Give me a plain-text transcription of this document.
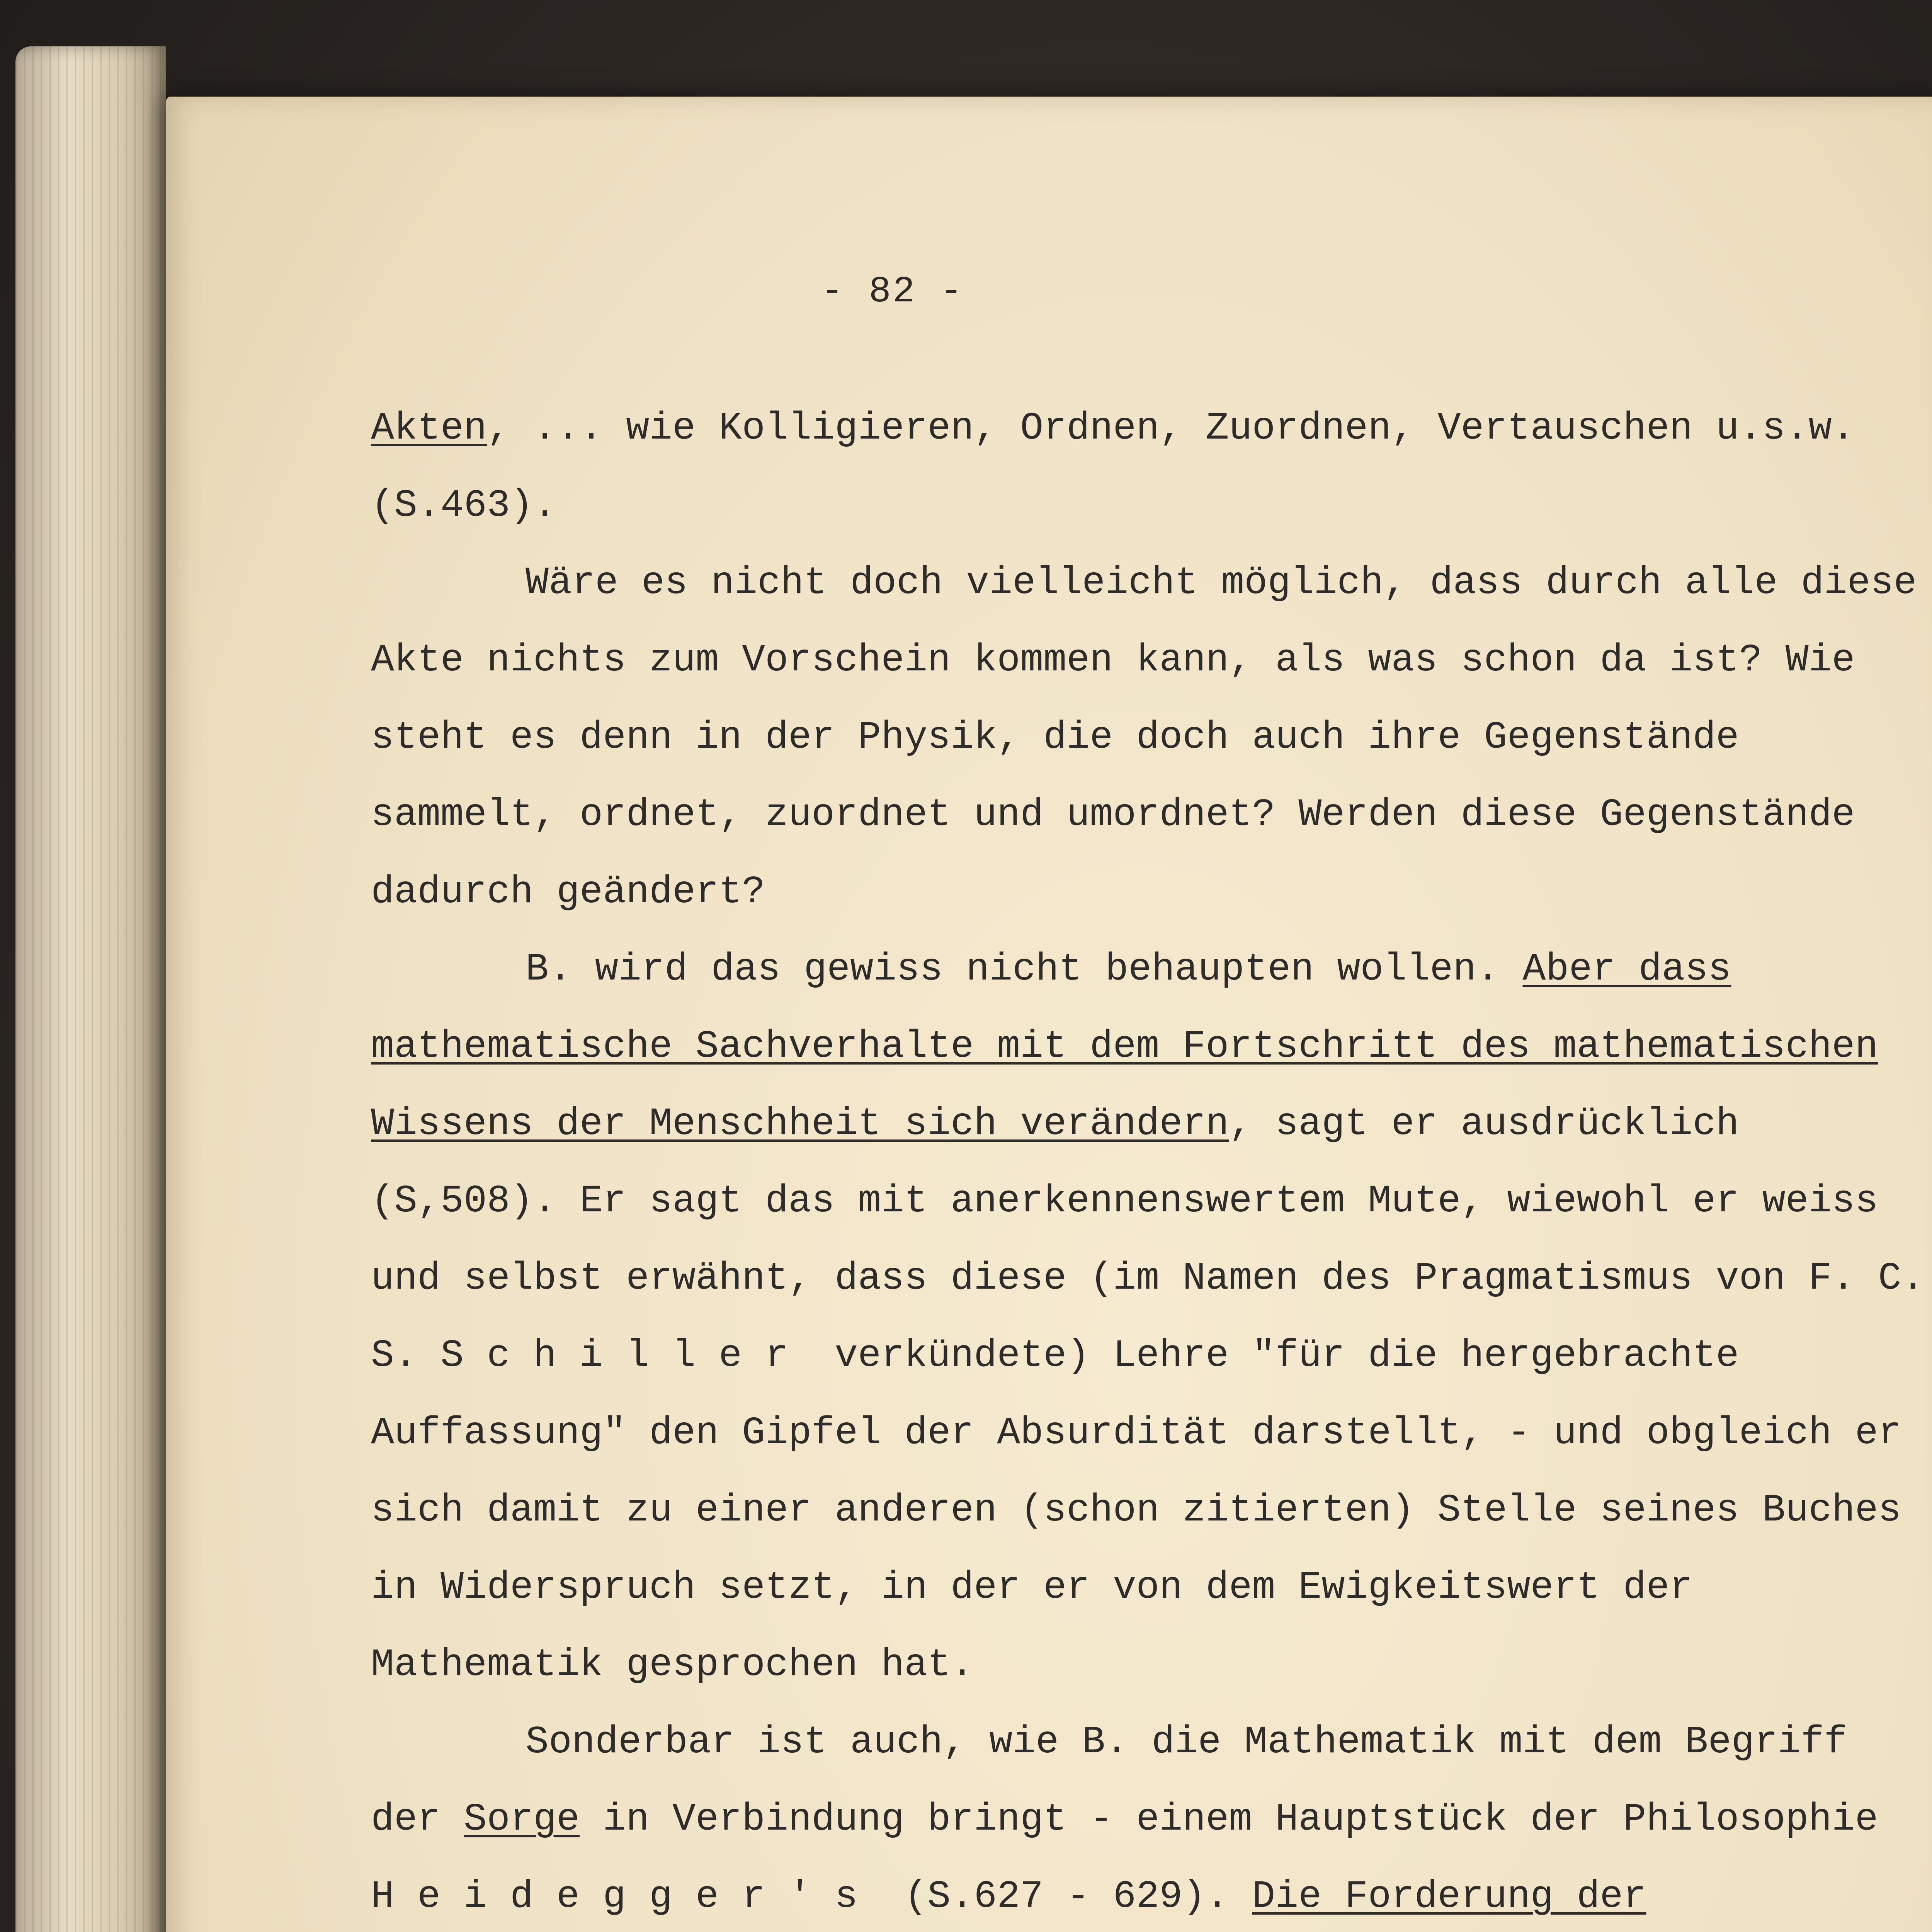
- 82 -

Akten, ... wie Kolligieren, Ordnen, Zuordnen, Vertauschen u.s.w. (S.463).

Wäre es nicht doch vielleicht möglich, dass durch alle diese Akte nichts zum Vorschein kommen kann, als was schon da ist? Wie steht es denn in der Physik, die doch auch ihre Gegenstände sammelt, ordnet, zuordnet und umordnet? Werden diese Gegenstände dadurch geändert?

B. wird das gewiss nicht behaupten wollen. Aber dass mathematische Sachverhalte mit dem Fortschritt des mathematischen Wissens der Menschheit sich verändern, sagt er ausdrücklich (S,508). Er sagt das mit anerkennenswertem Mute, wiewohl er weiss und selbst erwähnt, dass diese (im Namen des Pragmatismus von F. C. S. Schiller verkündete) Lehre "für die hergebrachte Auffassung" den Gipfel der Absurdität darstellt, - und obgleich er sich damit zu einer anderen (schon zitierten) Stelle seines Buches in Widerspruch setzt, in der er von dem Ewigkeitswert der Mathematik gesprochen hat.

Sonderbar ist auch, wie B. die Mathematik mit dem Begriff der Sorge in Verbindung bringt - einem Hauptstück der Philosophie Heidegger's (S.627 - 629). Die Forderung der
